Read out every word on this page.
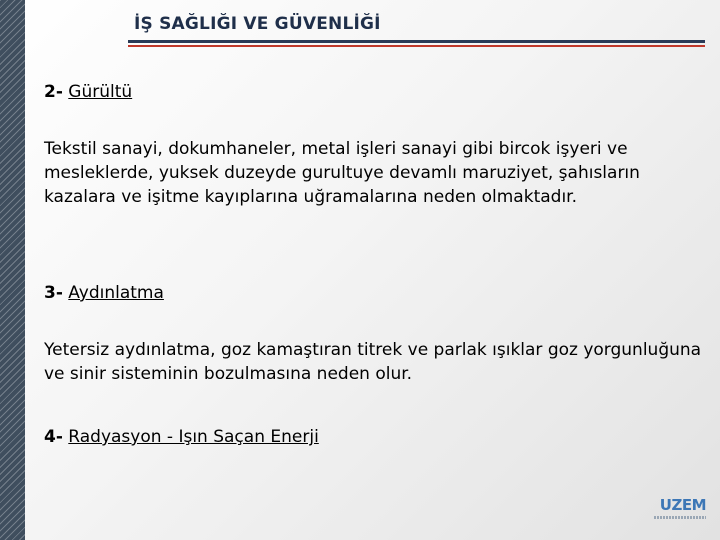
İŞ SAĞLIĞI VE GÜVENLİĞİ
2- Gürültü

Tekstil sanayi, dokumhaneler, metal işleri sanayi gibi bircok işyeri ve mesleklerde, yuksek duzeyde gurultuye devamlı maruziyet, şahısların kazalara ve işitme kayıplarına uğramalarına neden olmaktadır.

3- Aydınlatma

Yetersiz aydınlatma, goz kamaştıran titrek ve parlak ışıklar goz yorgunluğuna ve sinir sisteminin bozulmasına neden olur.

4- Radyasyon - Işın Saçan Enerji
UZEM
